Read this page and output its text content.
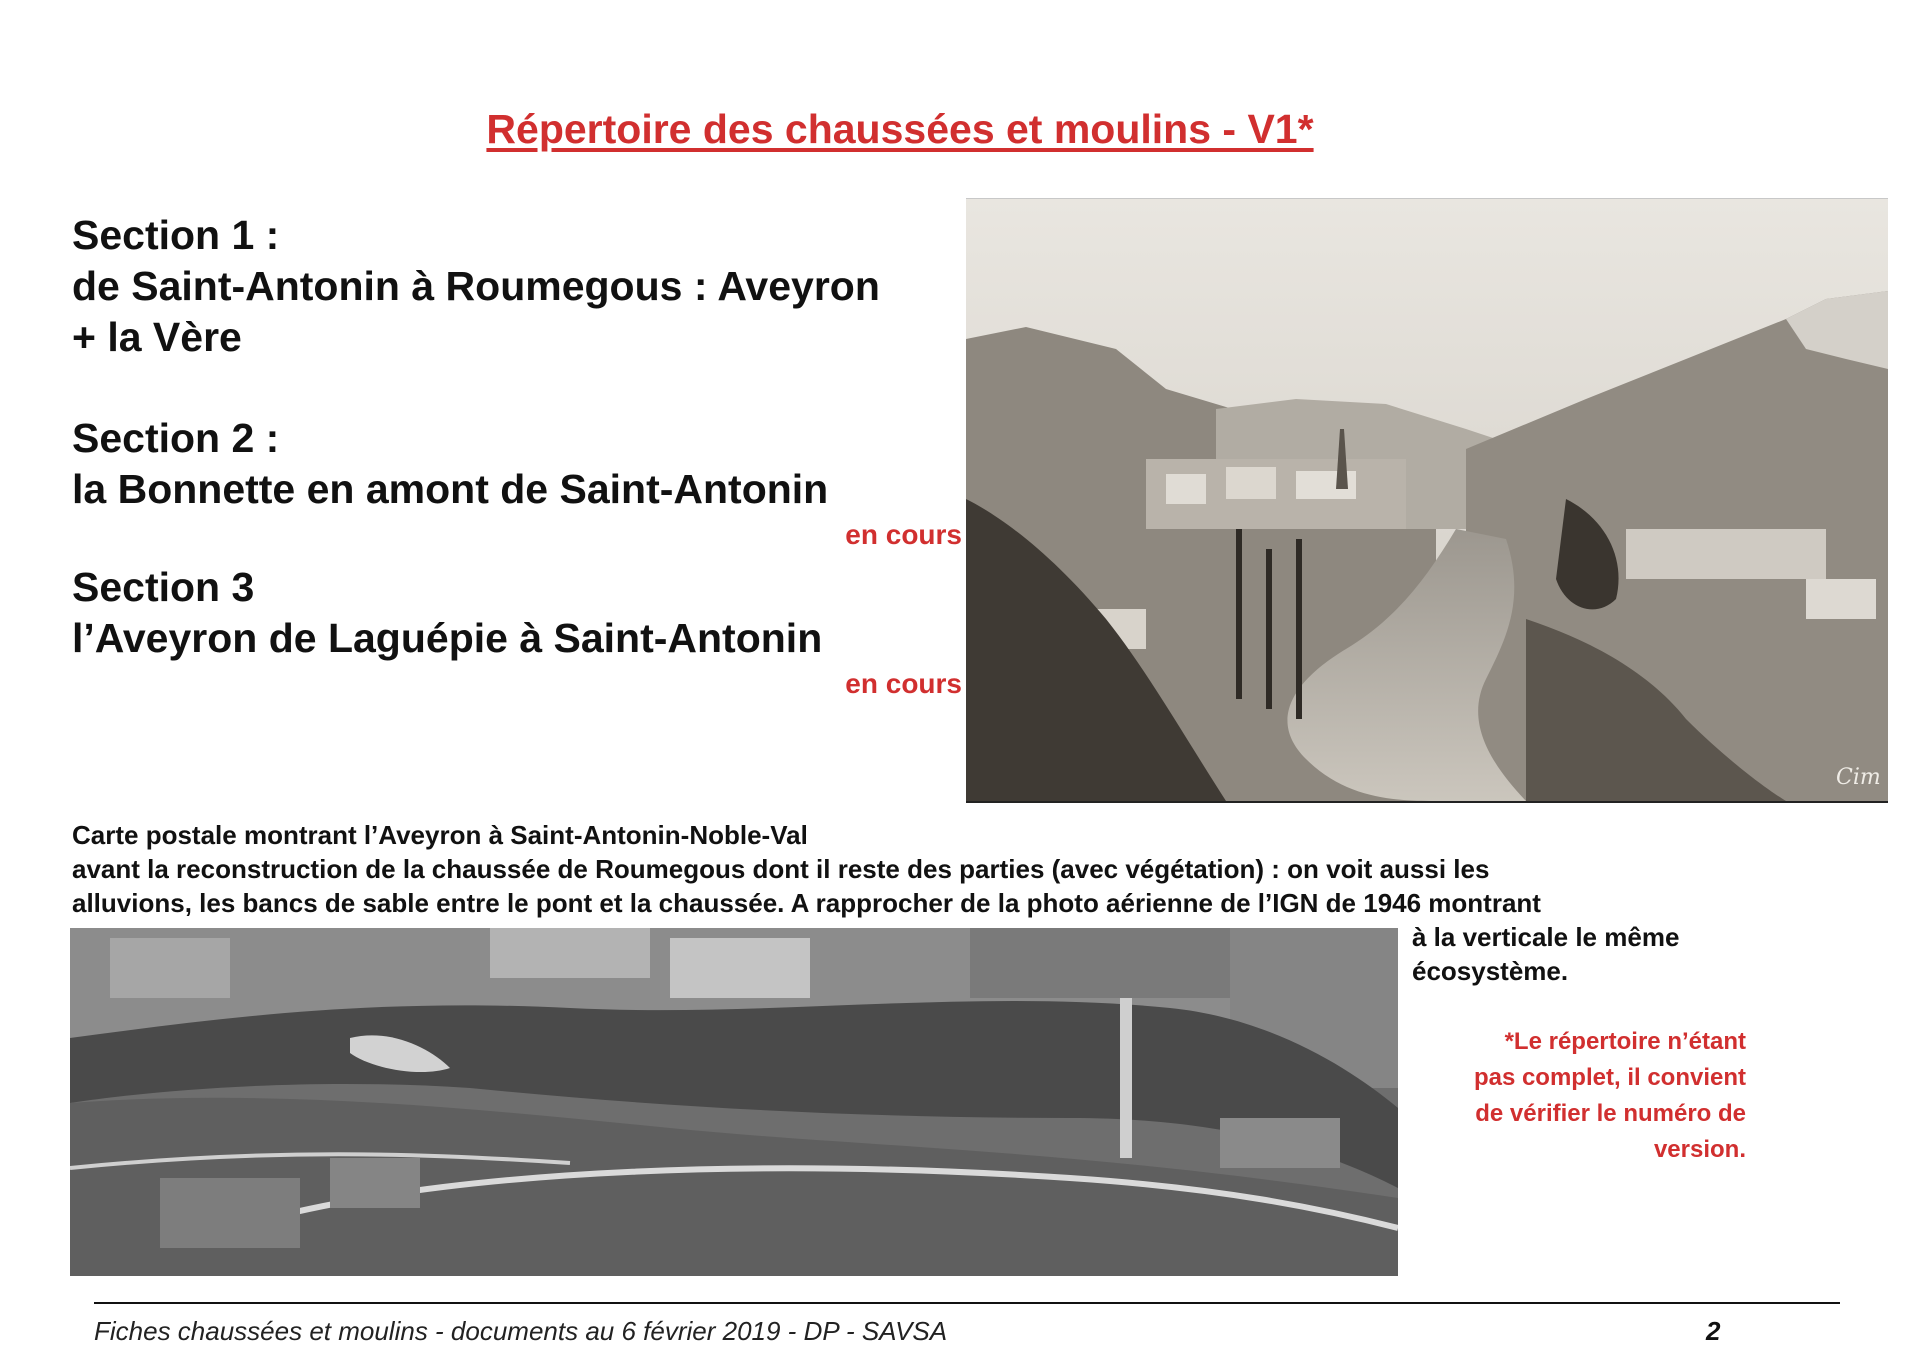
Répertoire des chaussées et moulins - V1*
Section 1 :
de Saint-Antonin à Roumegous : Aveyron
+ la Vère
Section 2 :
la Bonnette en amont de Saint-Antonin
en cours
Section 3
l’Aveyron de Laguépie à Saint-Antonin
en cours
Cim
Carte postale montrant l’Aveyron à Saint-Antonin-Noble-Val
avant la reconstruction de la chaussée de Roumegous dont il reste des parties (avec végétation) : on voit aussi les
alluvions, les bancs de sable entre le pont et la chaussée. A rapprocher de la photo aérienne de l’IGN de 1946 montrant
à la verticale le même
écosystème.
*Le répertoire n’étant
pas complet, il convient
de vérifier le numéro de
version.
Fiches chaussées et moulins - documents au 6 février 2019 - DP - SAVSA	2
